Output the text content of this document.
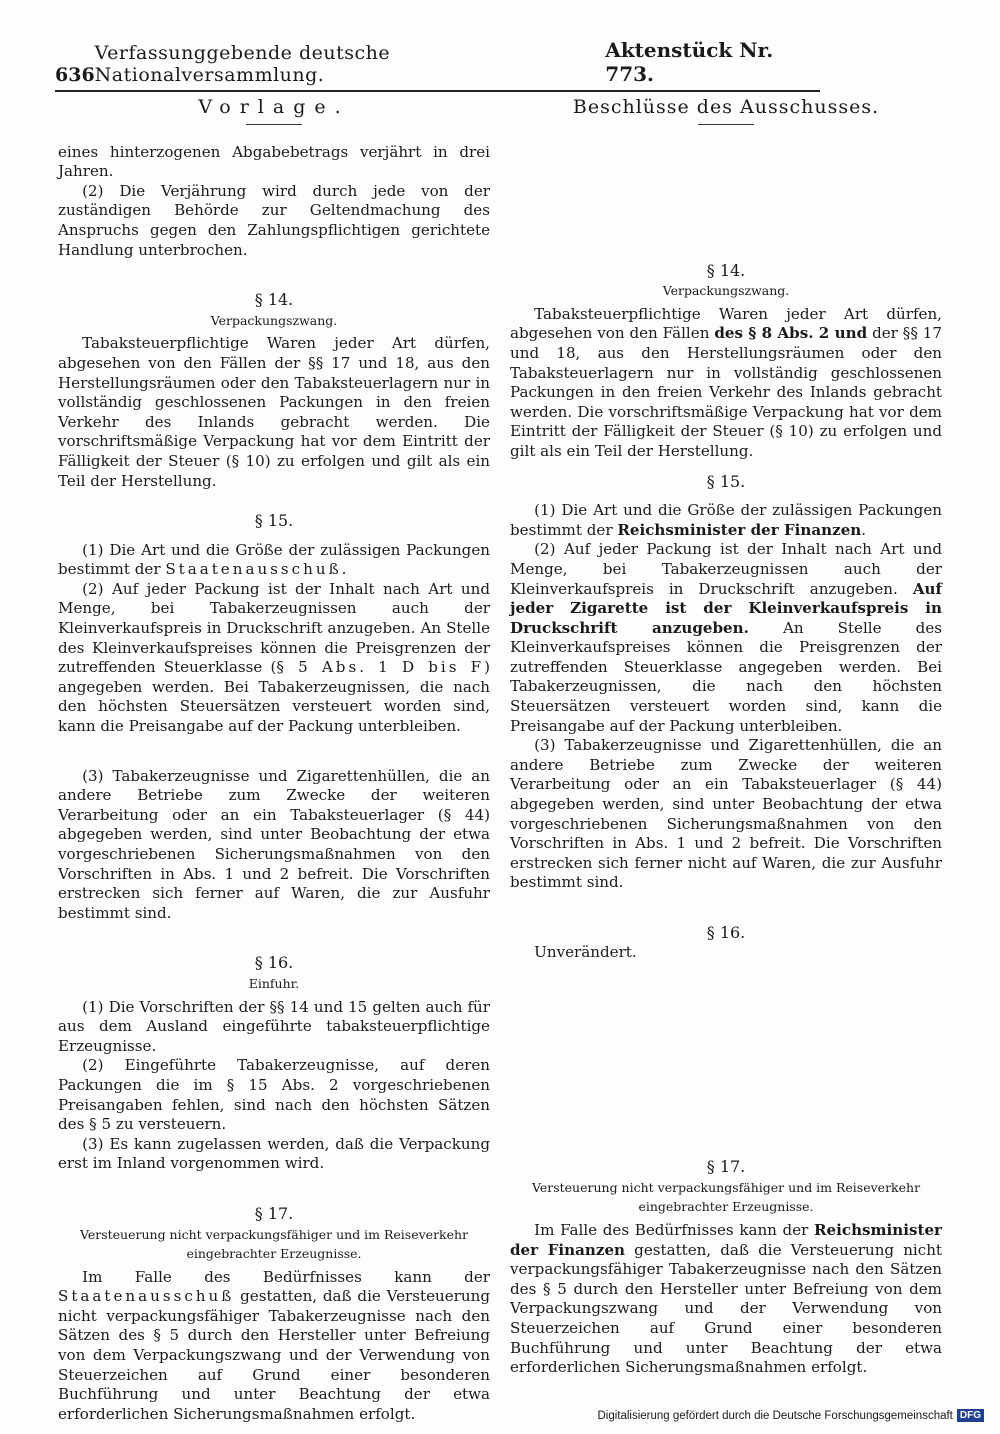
636
Verfassunggebende deutsche Nationalversammlung.
Aktenstück Nr. 773.
Vorlage.

eines hinterzogenen Abgabebetrags verjährt in drei Jahren.

(2) Die Verjährung wird durch jede von der zuständigen Behörde zur Geltendmachung des Anspruchs gegen den Zahlungspflichtigen gerichtete Handlung unterbrochen.

§ 14.
Verpackungszwang.

Tabaksteuerpflichtige Waren jeder Art dürfen, abgesehen von den Fällen der §§ 17 und 18, aus den Herstellungsräumen oder den Tabaksteuerlagern nur in vollständig geschlossenen Packungen in den freien Verkehr des Inlands gebracht werden. Die vorschriftsmäßige Verpackung hat vor dem Eintritt der Fälligkeit der Steuer (§ 10) zu erfolgen und gilt als ein Teil der Herstellung.

§ 15.

(1) Die Art und die Größe der zulässigen Packungen bestimmt der Staatenausschuß.

(2) Auf jeder Packung ist der Inhalt nach Art und Menge, bei Tabakerzeugnissen auch der Kleinverkaufspreis in Druckschrift anzugeben. An Stelle des Kleinverkaufspreises können die Preisgrenzen der zutreffenden Steuerklasse (§ 5 Abs. 1 D bis F) angegeben werden. Bei Tabakerzeugnissen, die nach den höchsten Steuersätzen versteuert worden sind, kann die Preisangabe auf der Packung unterbleiben.

(3) Tabakerzeugnisse und Zigarettenhüllen, die an andere Betriebe zum Zwecke der weiteren Verarbeitung oder an ein Tabaksteuerlager (§ 44) abgegeben werden, sind unter Beobachtung der etwa vorgeschriebenen Sicherungsmaßnahmen von den Vorschriften in Abs. 1 und 2 befreit. Die Vorschriften erstrecken sich ferner auf Waren, die zur Ausfuhr bestimmt sind.

§ 16.
Einfuhr.

(1) Die Vorschriften der §§ 14 und 15 gelten auch für aus dem Ausland eingeführte tabaksteuerpflichtige Erzeugnisse.

(2) Eingeführte Tabakerzeugnisse, auf deren Packungen die im § 15 Abs. 2 vorgeschriebenen Preisangaben fehlen, sind nach den höchsten Sätzen des § 5 zu versteuern.

(3) Es kann zugelassen werden, daß die Verpackung erst im Inland vorgenommen wird.

§ 17.
Versteuerung nicht verpackungsfähiger und im Reiseverkehr eingebrachter Erzeugnisse.

Im Falle des Bedürfnisses kann der Staatenausschuß gestatten, daß die Versteuerung nicht verpackungsfähiger Tabakerzeugnisse nach den Sätzen des § 5 durch den Hersteller unter Befreiung von dem Verpackungszwang und der Verwendung von Steuerzeichen auf Grund einer besonderen Buchführung und unter Beachtung der etwa erforderlichen Sicherungsmaßnahmen erfolgt.

Beschlüsse des Ausschusses.
§ 14.
Verpackungszwang.

Tabaksteuerpflichtige Waren jeder Art dürfen, abgesehen von den Fällen des § 8 Abs. 2 und der §§ 17 und 18, aus den Herstellungsräumen oder den Tabaksteuerlagern nur in vollständig geschlossenen Packungen in den freien Verkehr des Inlands gebracht werden. Die vorschriftsmäßige Verpackung hat vor dem Eintritt der Fälligkeit der Steuer (§ 10) zu erfolgen und gilt als ein Teil der Herstellung.

§ 15.

(1) Die Art und die Größe der zulässigen Packungen bestimmt der Reichsminister der Finanzen.

(2) Auf jeder Packung ist der Inhalt nach Art und Menge, bei Tabakerzeugnissen auch der Kleinverkaufspreis in Druckschrift anzugeben. Auf jeder Zigarette ist der Kleinverkaufspreis in Druckschrift anzugeben. An Stelle des Kleinverkaufspreises können die Preisgrenzen der zutreffenden Steuerklasse angegeben werden. Bei Tabakerzeugnissen, die nach den höchsten Steuersätzen versteuert worden sind, kann die Preisangabe auf der Packung unterbleiben.

(3) Tabakerzeugnisse und Zigarettenhüllen, die an andere Betriebe zum Zwecke der weiteren Verarbeitung oder an ein Tabaksteuerlager (§ 44) abgegeben werden, sind unter Beobachtung der etwa vorgeschriebenen Sicherungsmaßnahmen von den Vorschriften in Abs. 1 und 2 befreit. Die Vorschriften erstrecken sich ferner nicht auf Waren, die zur Ausfuhr bestimmt sind.

§ 16.

Unverändert.

§ 17.
Versteuerung nicht verpackungsfähiger und im Reiseverkehr eingebrachter Erzeugnisse.

Im Falle des Bedürfnisses kann der Reichsminister der Finanzen gestatten, daß die Versteuerung nicht verpackungsfähiger Tabakerzeugnisse nach den Sätzen des § 5 durch den Hersteller unter Befreiung von dem Verpackungszwang und der Verwendung von Steuerzeichen auf Grund einer besonderen Buchführung und unter Beachtung der etwa erforderlichen Sicherungsmaßnahmen erfolgt.

Digitalisierung gefördert durch die Deutsche Forschungsgemeinschaft DFG
